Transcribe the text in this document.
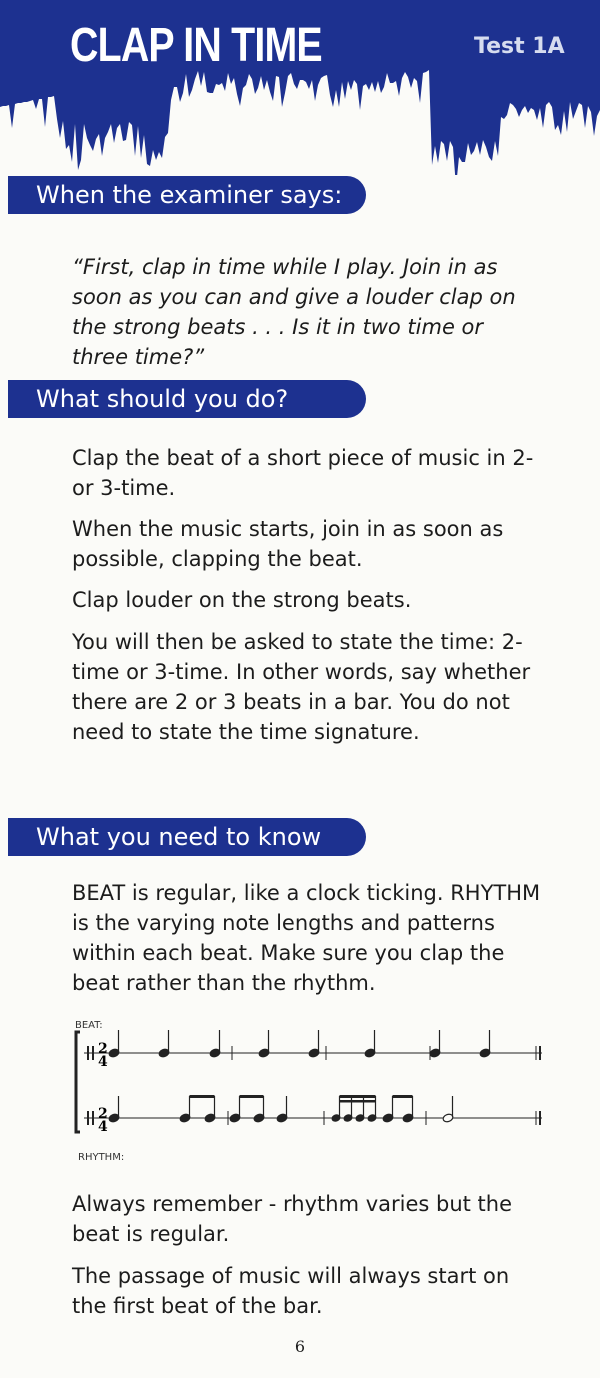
CLAP IN TIME	Test 1A
When the examiner says:

“First, clap in time while I play. Join in as soon as you can and give a louder clap on the strong beats . . . Is it in two time or three time?”

What should you do?

Clap the beat of a short piece of music in 2- or 3-time.

When the music starts, join in as soon as possible, clapping the beat.

Clap louder on the strong beats.

You will then be asked to state the time: 2-time or 3-time. In other words, say whether there are 2 or 3 beats in a bar. You do not need to state the time signature.

What you need to know

BEAT is regular, like a clock ticking. RHYTHM is the varying note lengths and patterns within each beat. Make sure you clap the beat rather than the rhythm.

BEAT:
RHYTHM:
2
4
2
4

Always remember - rhythm varies but the beat is regular.

The passage of music will always start on the first beat of the bar.

6
